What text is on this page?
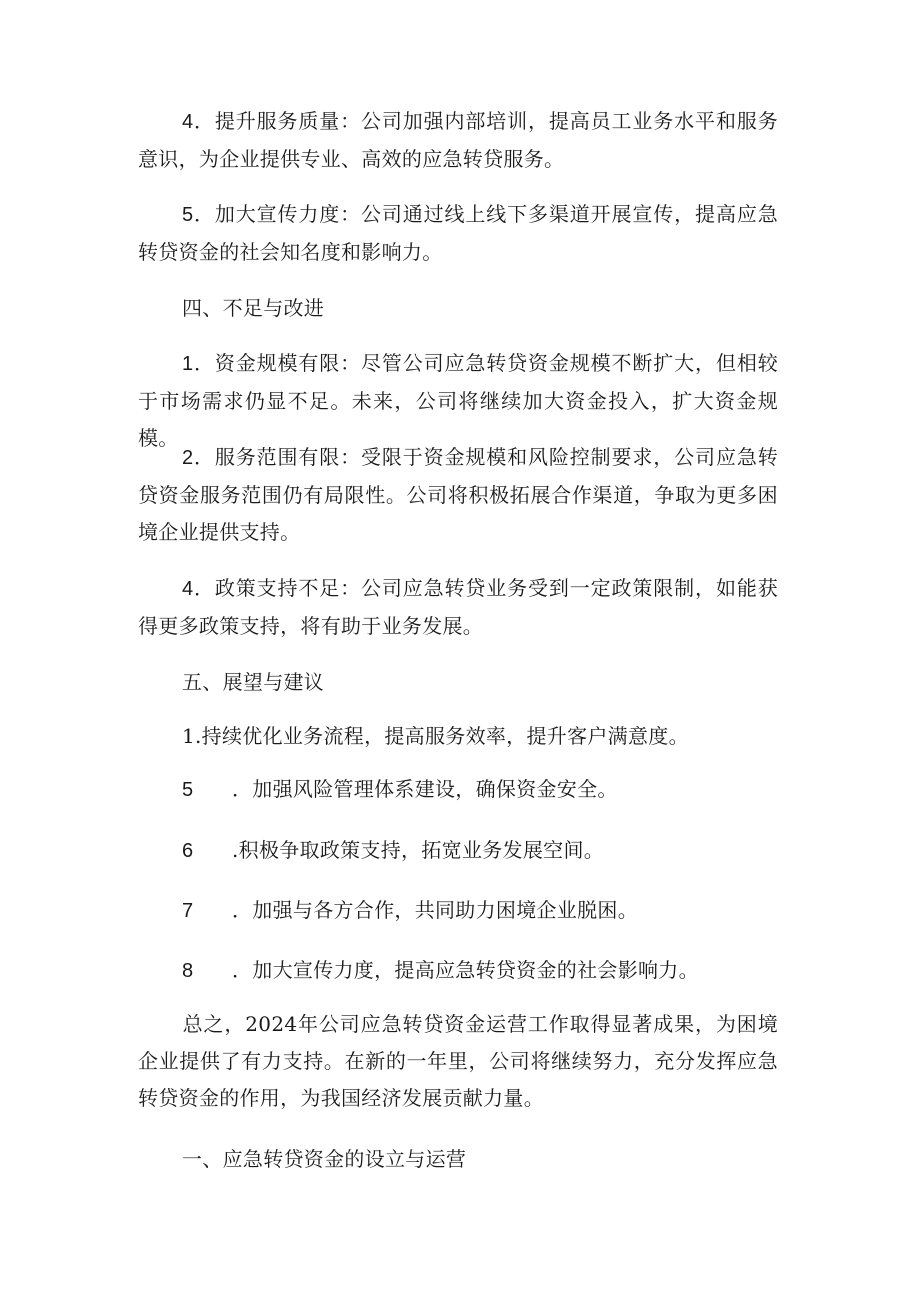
4．提升服务质量：公司加强内部培训，提高员工业务水平和服务意识，为企业提供专业、高效的应急转贷服务。

5．加大宣传力度：公司通过线上线下多渠道开展宣传，提高应急转贷资金的社会知名度和影响力。

四、不足与改进

1．资金规模有限：尽管公司应急转贷资金规模不断扩大，但相较于市场需求仍显不足。未来，公司将继续加大资金投入，扩大资金规模。

2．服务范围有限：受限于资金规模和风险控制要求，公司应急转贷资金服务范围仍有局限性。公司将积极拓展合作渠道，争取为更多困境企业提供支持。

4．政策支持不足：公司应急转贷业务受到一定政策限制，如能获得更多政策支持，将有助于业务发展。

五、展望与建议

1.持续优化业务流程，提高服务效率，提升客户满意度。
5 ．加强风险管理体系建设，确保资金安全。
6 .积极争取政策支持，拓宽业务发展空间。
7 ．加强与各方合作，共同助力困境企业脱困。
8 ．加大宣传力度，提高应急转贷资金的社会影响力。

总之，2024年公司应急转贷资金运营工作取得显著成果，为困境企业提供了有力支持。在新的一年里，公司将继续努力，充分发挥应急转贷资金的作用，为我国经济发展贡献力量。

一、应急转贷资金的设立与运营
